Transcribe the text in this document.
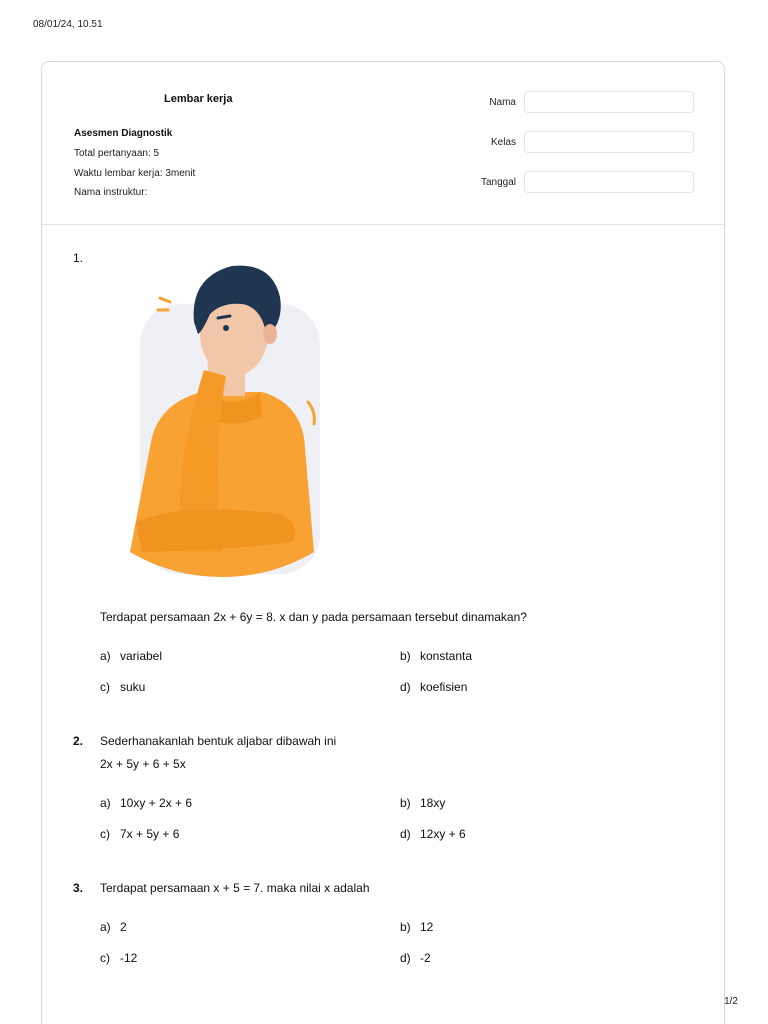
08/01/24, 10.51
Lembar kerja
Asesmen Diagnostik
Total pertanyaan: 5
Waktu lembar kerja: 3menit
Nama instruktur:
Nama
Kelas
Tanggal
1.
Terdapat persamaan 2x + 6y = 8. x dan y pada persamaan tersebut dinamakan?
a) variabel	b) konstanta
c) suku	d) koefisien
2. Sederhanakanlah bentuk aljabar dibawah ini
2x + 5y + 6 + 5x
a) 10xy + 2x + 6	b) 18xy
c) 7x + 5y + 6	d) 12xy + 6
3. Terdapat persamaan x + 5 = 7. maka nilai x adalah
a) 2	b) 12
c) -12	d) -2
1/2
